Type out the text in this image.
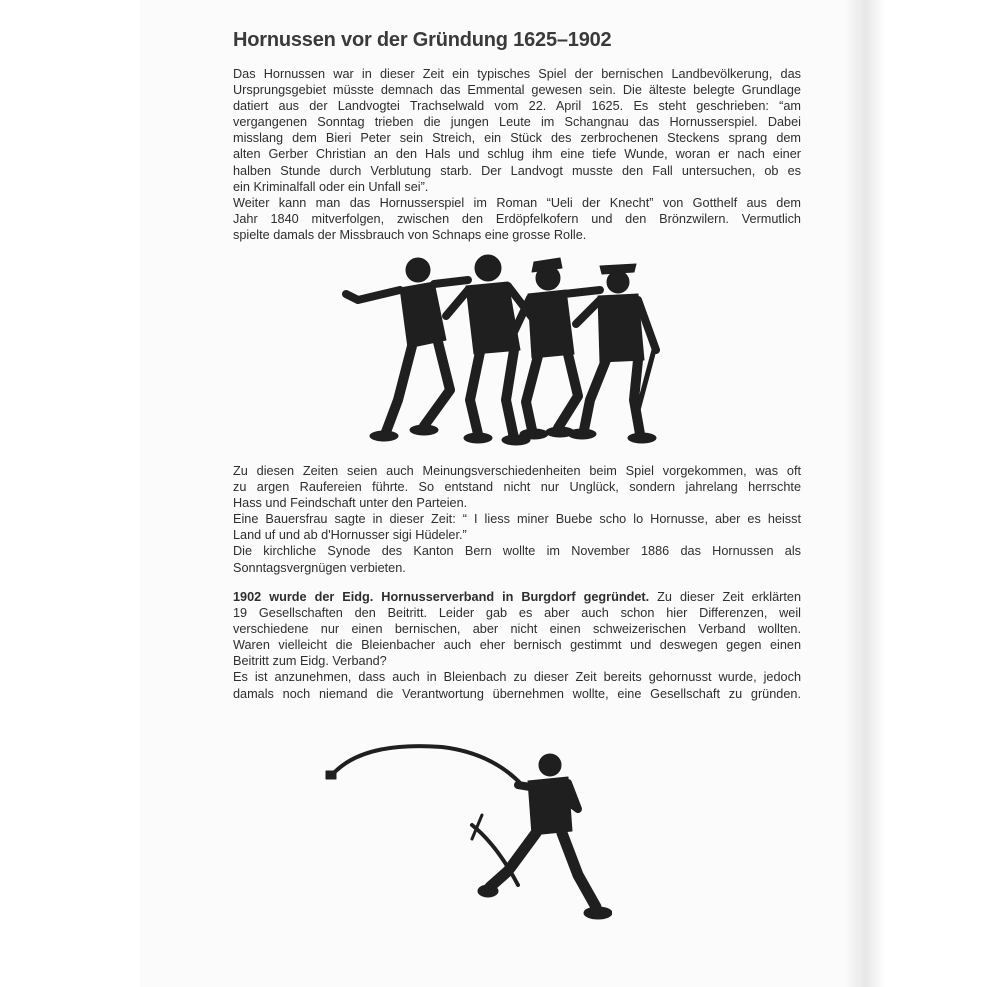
Hornussen vor der Gründung 1625–1902
Das Hornussen war in dieser Zeit ein typisches Spiel der bernischen Landbevölkerung, das
Ursprungsgebiet müsste demnach das Emmental gewesen sein. Die älteste belegte Grundlage
datiert aus der Landvogtei Trachselwald vom 22. April 1625. Es steht geschrieben: “am
vergangenen Sonntag trieben die jungen Leute im Schangnau das Hornusserspiel. Dabei
misslang dem Bieri Peter sein Streich, ein Stück des zerbrochenen Steckens sprang dem
alten Gerber Christian an den Hals und schlug ihm eine tiefe Wunde, woran er nach einer
halben Stunde durch Verblutung starb. Der Landvogt musste den Fall untersuchen, ob es
ein Kriminalfall oder ein Unfall sei”.
Weiter kann man das Hornusserspiel im Roman “Ueli der Knecht” von Gotthelf aus dem
Jahr 1840 mitverfolgen, zwischen den Erdöpfelkofern und den Brönzwilern. Vermutlich
spielte damals der Missbrauch von Schnaps eine grosse Rolle.
Zu diesen Zeiten seien auch Meinungsverschiedenheiten beim Spiel vorgekommen, was oft
zu argen Raufereien führte. So entstand nicht nur Unglück, sondern jahrelang herrschte
Hass und Feindschaft unter den Parteien.
Eine Bauersfrau sagte in dieser Zeit: “ I liess miner Buebe scho lo Hornusse, aber es heisst
Land uf und ab d'Hornusser sigi Hüdeler.”
Die kirchliche Synode des Kanton Bern wollte im November 1886 das Hornussen als
Sonntagsvergnügen verbieten.
1902 wurde der Eidg. Hornusserverband in Burgdorf gegründet. Zu dieser Zeit erklärten
19 Gesellschaften den Beitritt. Leider gab es aber auch schon hier Differenzen, weil
verschiedene nur einen bernischen, aber nicht einen schweizerischen Verband wollten.
Waren vielleicht die Bleienbacher auch eher bernisch gestimmt und deswegen gegen einen
Beitritt zum Eidg. Verband?
Es ist anzunehmen, dass auch in Bleienbach zu dieser Zeit bereits gehornusst wurde, jedoch
damals noch niemand die Verantwortung übernehmen wollte, eine Gesellschaft zu gründen.
